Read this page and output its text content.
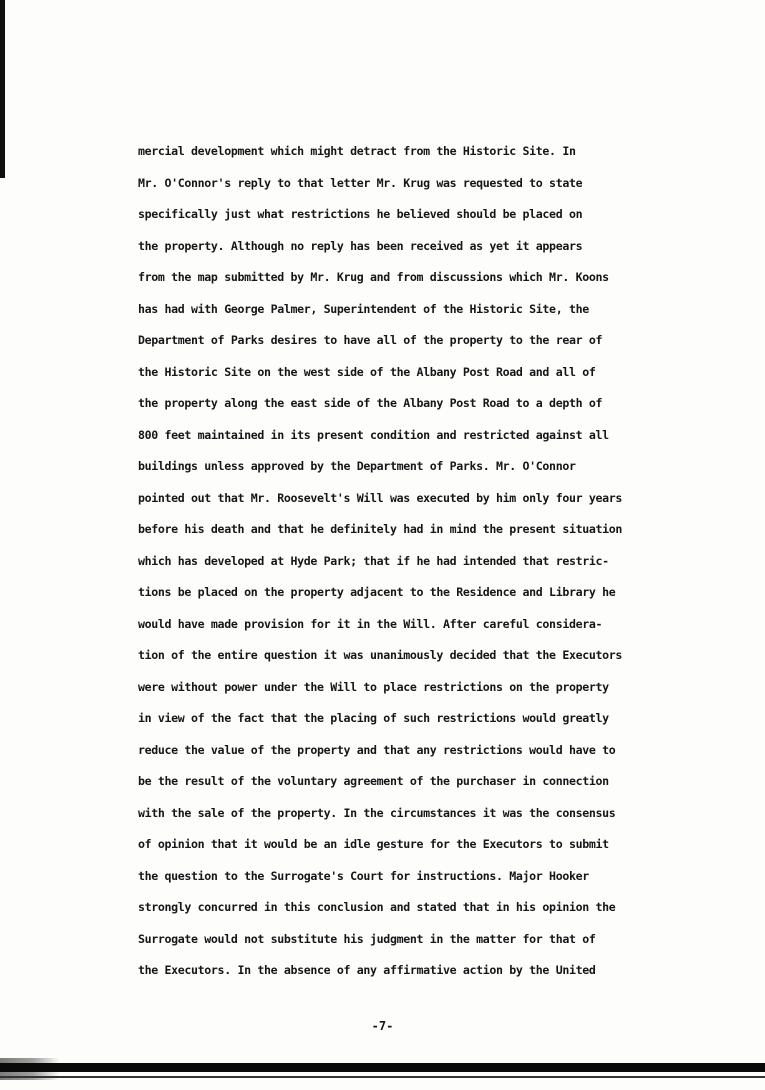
mercial development which might detract from the Historic Site. In
Mr. O'Connor's reply to that letter Mr. Krug was requested to state
specifically just what restrictions he believed should be placed on
the property. Although no reply has been received as yet it appears
from the map submitted by Mr. Krug and from discussions which Mr. Koons
has had with George Palmer, Superintendent of the Historic Site, the
Department of Parks desires to have all of the property to the rear of
the Historic Site on the west side of the Albany Post Road and all of
the property along the east side of the Albany Post Road to a depth of
800 feet maintained in its present condition and restricted against all
buildings unless approved by the Department of Parks. Mr. O'Connor
pointed out that Mr. Roosevelt's Will was executed by him only four years
before his death and that he definitely had in mind the present situation
which has developed at Hyde Park; that if he had intended that restric-
tions be placed on the property adjacent to the Residence and Library he
would have made provision for it in the Will. After careful considera-
tion of the entire question it was unanimously decided that the Executors
were without power under the Will to place restrictions on the property
in view of the fact that the placing of such restrictions would greatly
reduce the value of the property and that any restrictions would have to
be the result of the voluntary agreement of the purchaser in connection
with the sale of the property. In the circumstances it was the consensus
of opinion that it would be an idle gesture for the Executors to submit
the question to the Surrogate's Court for instructions. Major Hooker
strongly concurred in this conclusion and stated that in his opinion the
Surrogate would not substitute his judgment in the matter for that of
the Executors. In the absence of any affirmative action by the United
-7-
